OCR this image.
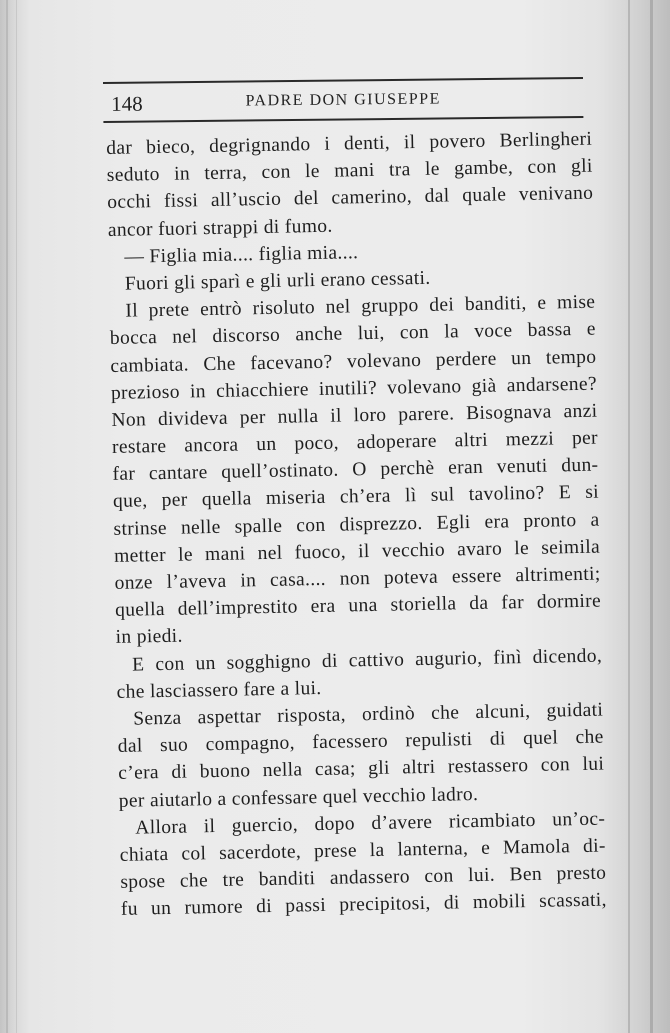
148	PADRE DON GIUSEPPE
dar bieco, degrignando i denti, il povero Berlingheri
seduto in terra, con le mani tra le gambe, con gli
occhi fissi all’uscio del camerino, dal quale venivano
ancor fuori strappi di fumo.
— Figlia mia.... figlia mia....
Fuori gli sparì e gli urli erano cessati.
Il prete entrò risoluto nel gruppo dei banditi, e mise
bocca nel discorso anche lui, con la voce bassa e
cambiata. Che facevano? volevano perdere un tempo
prezioso in chiacchiere inutili? volevano già andarsene?
Non divideva per nulla il loro parere. Bisognava anzi
restare ancora un poco, adoperare altri mezzi per
far cantare quell’ostinato. O perchè eran venuti dun-
que, per quella miseria ch’era lì sul tavolino? E si
strinse nelle spalle con disprezzo. Egli era pronto a
metter le mani nel fuoco, il vecchio avaro le seimila
onze l’aveva in casa.... non poteva essere altrimenti;
quella dell’imprestito era una storiella da far dormire
in piedi.
E con un sogghigno di cattivo augurio, finì dicendo,
che lasciassero fare a lui.
Senza aspettar risposta, ordinò che alcuni, guidati
dal suo compagno, facessero repulisti di quel che
c’era di buono nella casa; gli altri restassero con lui
per aiutarlo a confessare quel vecchio ladro.
Allora il guercio, dopo d’avere ricambiato un’oc-
chiata col sacerdote, prese la lanterna, e Mamola di-
spose che tre banditi andassero con lui. Ben presto
fu un rumore di passi precipitosi, di mobili scassati,
